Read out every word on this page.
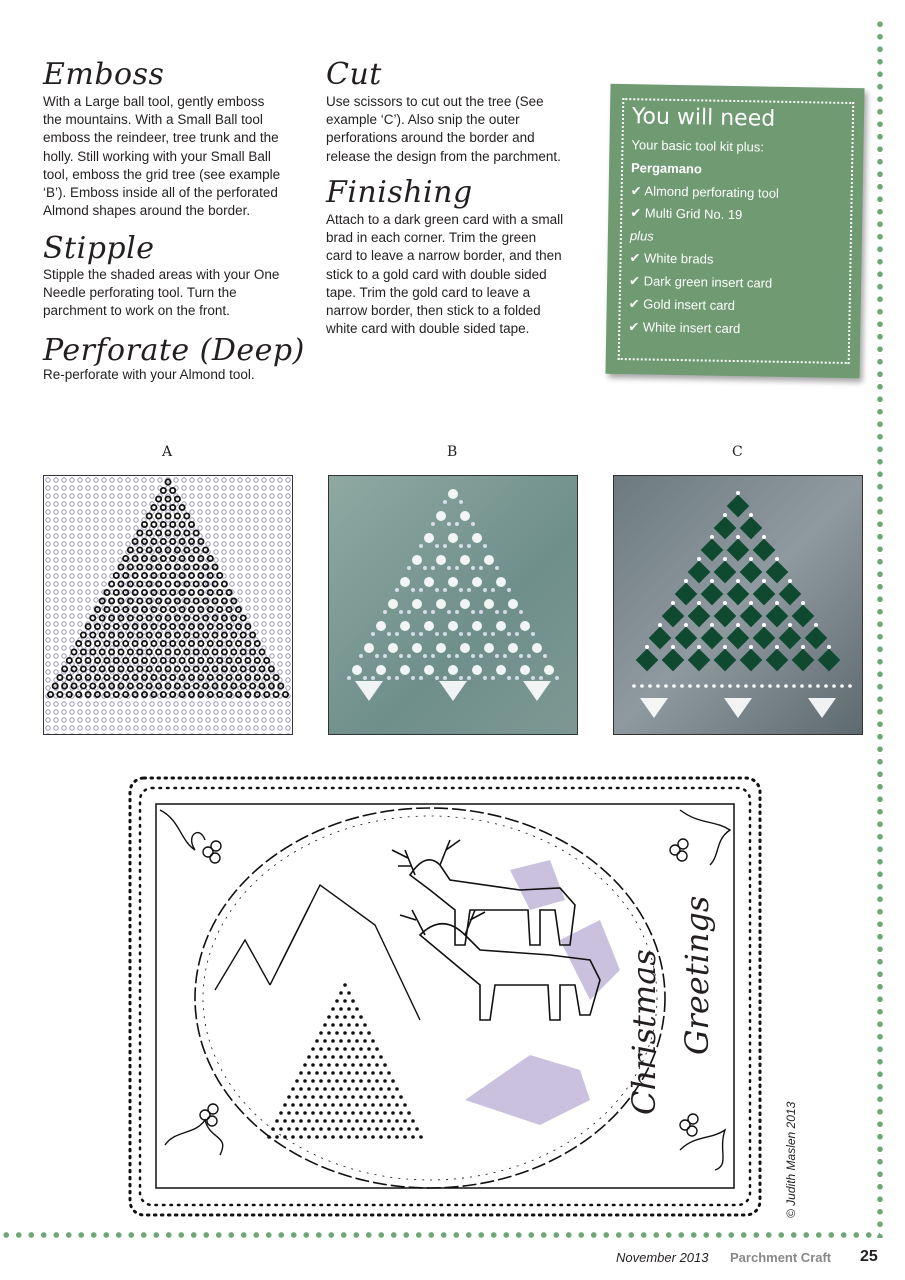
Emboss
With a Large ball tool, gently emboss
the mountains. With a Small Ball tool
emboss the reindeer, tree trunk and the
holly. Still working with your Small Ball
tool, emboss the grid tree (see example
‘B’). Emboss inside all of the perforated
Almond shapes around the border.
Stipple
Stipple the shaded areas with your One
Needle perforating tool. Turn the
parchment to work on the front.
Perforate (Deep)
Re-perforate with your Almond tool.
Cut
Use scissors to cut out the tree (See
example ‘C’). Also snip the outer
perforations around the border and
release the design from the parchment.
Finishing
Attach to a dark green card with a small
brad in each corner. Trim the green
card to leave a narrow border, and then
stick to a gold card with double sided
tape. Trim the gold card to leave a
narrow border, then stick to a folded
white card with double sided tape.
You will need
Your basic tool kit plus:
Pergamano
✔ Almond perforating tool
✔ Multi Grid No. 19
plus
✔ White brads
✔ Dark green insert card
✔ Gold insert card
✔ White insert card
A	B	C
Christmas Greetings
© Judith Maslen 2013
November 2013 Parchment Craft 25
